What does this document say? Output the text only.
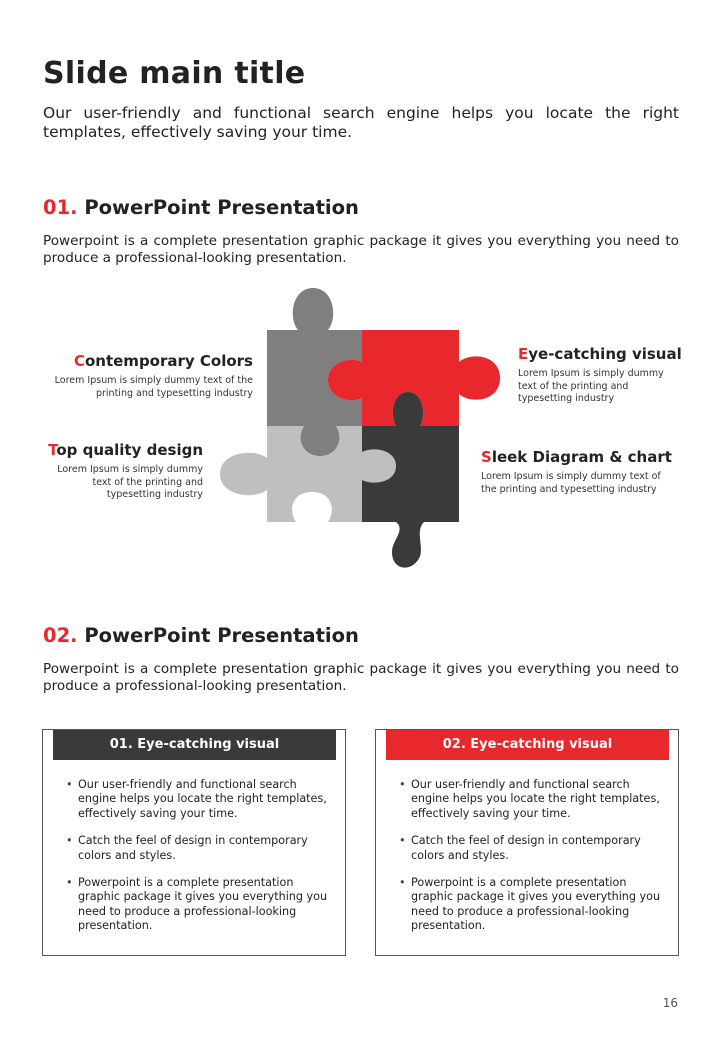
Slide main title
Our user-friendly and functional search engine helps you locate the right templates, effectively saving your time.
01. PowerPoint Presentation
Powerpoint is a complete presentation graphic package it gives you everything you need to produce a professional-looking presentation.
Contemporary Colors
Lorem Ipsum is simply dummy text of the printing and typesetting industry
Eye-catching visual
Lorem Ipsum is simply dummy text of the printing and typesetting industry
Top quality design
Lorem Ipsum is simply dummy text of the printing and typesetting industry
Sleek Diagram & chart
Lorem Ipsum is simply dummy text of the printing and typesetting industry
02. PowerPoint Presentation
Powerpoint is a complete presentation graphic package it gives you everything you need to produce a professional-looking presentation.
01. Eye-catching visual
• Our user-friendly and functional search engine helps you locate the right templates, effectively saving your time.
• Catch the feel of design in contemporary colors and styles.
• Powerpoint is a complete presentation graphic package it gives you everything you need to produce a professional-looking presentation.
02. Eye-catching visual
• Our user-friendly and functional search engine helps you locate the right templates, effectively saving your time.
• Catch the feel of design in contemporary colors and styles.
• Powerpoint is a complete presentation graphic package it gives you everything you need to produce a professional-looking presentation.
16
